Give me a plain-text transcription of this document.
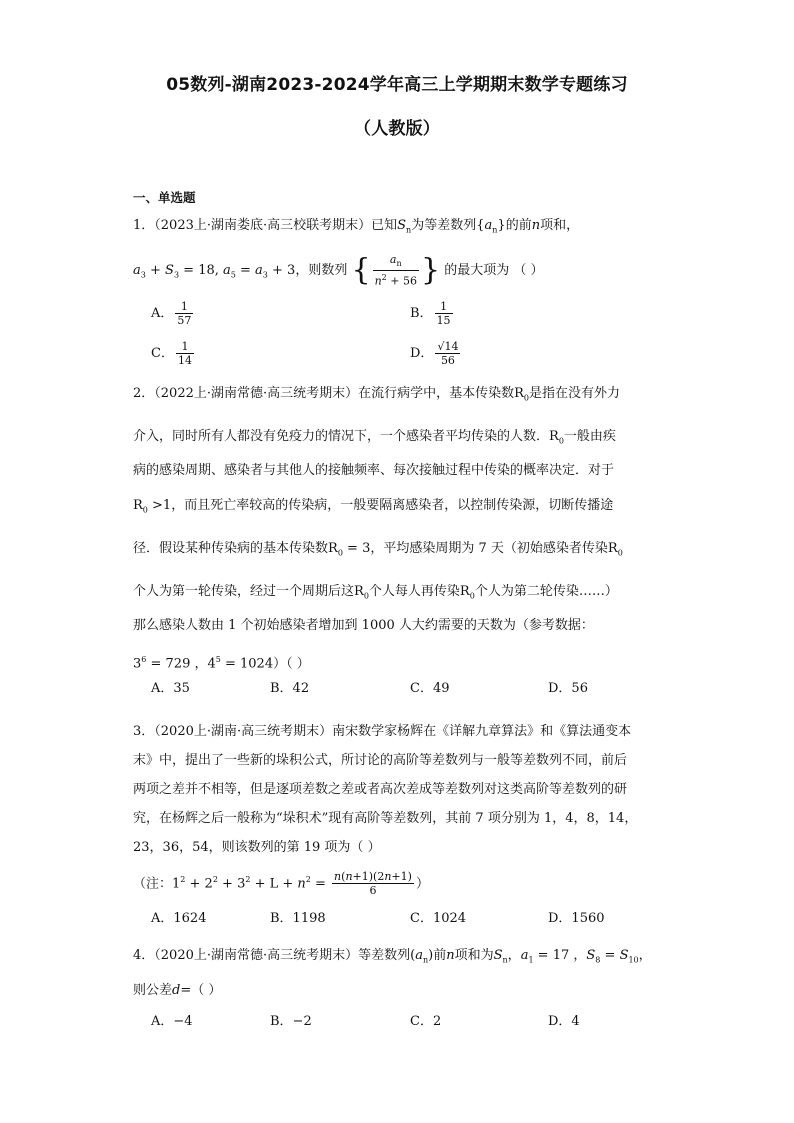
05数列-湖南2023-2024学年高三上学期期末数学专题练习
（人教版）
一、单选题
1．（2023上·湖南娄底·高三校联考期末）已知$S_n$为等差数列$\{a_n\}$的前n项和，
$a_3 + S_3 = 18$, $a_5 = a_3 + 3$，则数列 { $\frac{a_n}{n^2 + 56}$ } 的最大项为 （ ）
A． $\frac{1}{57}$	B． $\frac{1}{15}$
C． $\frac{1}{14}$	D． $\frac{√14}{56}$
2．（2022上·湖南常德·高三统考期末）在流行病学中，基本传染数$R_0$是指在没有外力
介入，同时所有人都没有免疫力的情况下，一个感染者平均传染的人数．$R_0$一般由疾
病的感染周期、感染者与其他人的接触频率、每次接触过程中传染的概率决定．对于
$R_0 >1$，而且死亡率较高的传染病，一般要隔离感染者，以控制传染源，切断传播途
径．假设某种传染病的基本传染数$R_0 = 3$，平均感染周期为 7 天（初始感染者传染$R_0$
个人为第一轮传染，经过一个周期后这$R_0$个人每人再传染$R_0$个人为第二轮传染……）
那么感染人数由 1 个初始感染者增加到 1000 人大约需要的天数为（参考数据：
$3^6 = 729$ ，$4^5 = 1024$）（ ）
A．35	B．42	C．49	D．56
3．（2020上·湖南·高三统考期末）南宋数学家杨辉在《详解九章算法》和《算法通变本
末》中，提出了一些新的垛积公式，所讨论的高阶等差数列与一般等差数列不同，前后
两项之差并不相等，但是逐项差数之差或者高次差成等差数列对这类高阶等差数列的研
究，在杨辉之后一般称为“垛积术”现有高阶等差数列，其前 7 项分别为 1，4，8，14，
23，36，54，则该数列的第 19 项为（ ）
（注：$1^2 + 2^2 + 3^2 + L + n^2 = \frac{n(n+1)(2n+1)}{6}$ ）
A．1624	B．1198	C．1024	D．1560
4．（2020上·湖南常德·高三统考期末）等差数列$(a_n)$前n项和为$S_n$，$a_1 = 17$ ，$S_8 = S_{10}$，
则公差d=（ ）
A．−4	B．−2	C．2	D．4
